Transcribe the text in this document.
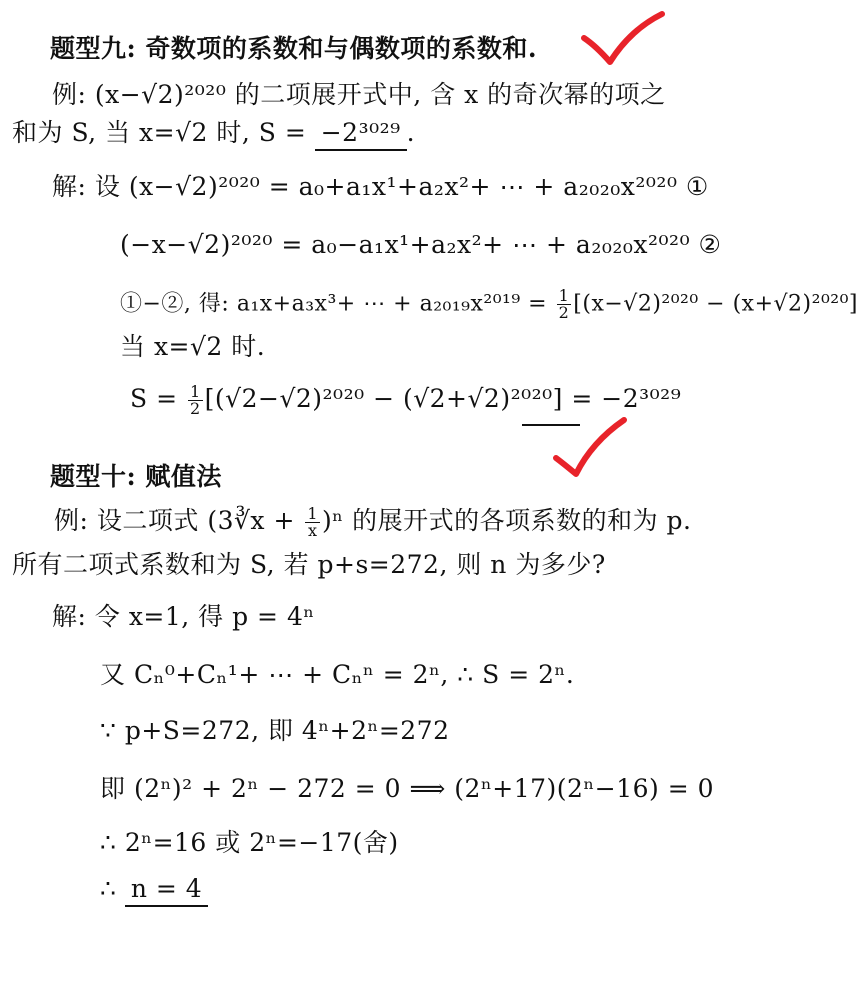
题型九: 奇数项的系数和与偶数项的系数和.
例: (x−√2)²⁰²⁰ 的二项展开式中, 含 x 的奇次幂的项之
和为 S, 当 x=√2 时, S = −2³⁰²⁹ .
解: 设 (x−√2)²⁰²⁰ = a₀+a₁x¹+a₂x²+ ⋯ + a₂₀₂₀x²⁰²⁰ ①
(−x−√2)²⁰²⁰ = a₀−a₁x¹+a₂x²+ ⋯ + a₂₀₂₀x²⁰²⁰ ②
①−②, 得: a₁x+a₃x³+ ⋯ + $a_{2019}x^{2019} = \frac{1}{2} [(x-√2)^{2020} - (x+√2)^{2020}]$
当 x=√2 时.
$S = \frac{1}{2} [(√2-√2)^{2020} - (√2+√2)^{2020}] = -2^{3029}$
题型十: 赋值法
例: 设二项式 (3∛x + $\frac{1}{x} )^n$ 的展开式的各项系数的和为 p.
所有二项式系数和为 S, 若 p+s=272, 则 n 为多少?
解: 令 x=1, 得 p = 4ⁿ
又 Cₙ⁰+Cₙ¹+ ⋯ + Cₙⁿ = 2ⁿ, ∴ S = 2ⁿ.
∵ p+S=272, 即 4ⁿ+2ⁿ=272
即 (2ⁿ)² + 2ⁿ − 272 = 0 ⟹ (2ⁿ+17)(2ⁿ−16) = 0
∴ 2ⁿ=16 或 2ⁿ=−17(舍)
∴ n = 4
